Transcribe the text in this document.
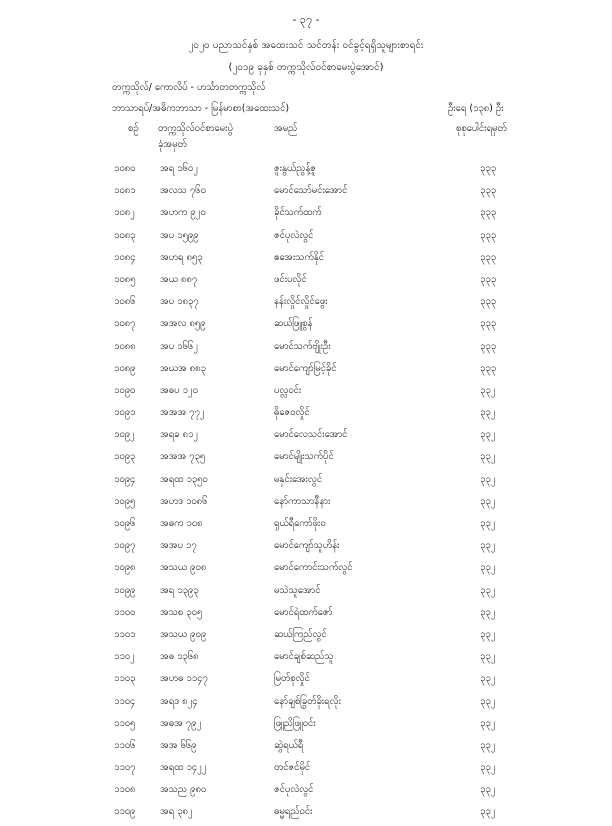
- ၃၇ -
၂၀၂၀ ပညာသင်နှစ် အထေးသင် သင်တန်း ဝင်ခွင့်ရရှိသူများစာရင်း
(၂၀၁၉ ခုနှစ် တက္ကသိုလ်ဝင်စာမေးပွဲအောင်)
တက္ကသိုလ်/ ကောလိပ် - ဟင်္သာတတက္ကသိုလ်
ဘာသာရပ်/အဓိကဘာသာ - မြန်မာစာ(အထေးသင်)	ဦးရေ (၁၃၈) ဦး
စဉ် တက္ကသိုလ်ဝင်စာမေးပွဲ
ခုံအမှတ်
အမည်	စုစုပေါင်းရမှတ်
၁၀၈၀	အရ ၁၆၀၂	ဇူးနွယ်ညွန့်ဇူ	၃၃၃
၁၀၈၁	အလသ ၇၆၀	မောင်သော်မင်းအောင်	၃၃၃
၁၀၈၂	အဟက ၉၂၀	ခိုင်သက်ထက်	၃၃၃
၁၀၈၃	အပ ၁၅၉၉	ဇင်ပုလဲလွင်	၃၃၃
၁၀၈၄	အဟရ ၈၅၃	ဧအေးသက်နိုင်	၃၃၃
၁၀၈၅	အယ ၈၈၇	ဖင်းပလိုင်	၃၃၃
၁၀၈၆	အပ ၁၈၃၇	နန်းလှိုင်လှိုင်ဖွေး	၃၃၃
၁၀၈၇	အအလ ၈၅၉	ဆယ်ဖြူစွန်	၃၃၃
၁၀၈၈	အပ ၁၆၆၂	မောင်သက်ဗျိုးဦး	၃၃၃
၁၀၈၉	အယအ ၈၈၃	မောင်ကျော်မြင့်ခိုင်	၃၃၃
၁၀၉၀	အဓပ ၁၂၀	ပလ္လဝင်း	၃၃၂
၁၀၉၁	အအအ ၇၇၂	ဓိုဇေဝလှိုင်	၃၃၂
၁၀၉၂	အရခ ၈၁၂	မောင်လေသင်းအောင်	၃၃၂
၁၀၉၃	အအအ ၇၃၅	မောင်မျိုးသက်ပိုင်	၃၃၂
၁၀၉၄	အရထ ၁၃၅၀	မနှင်းအေးလွင်	၃၃၂
၁၀၉၅	အဟဒ ၁၀၈၆	နော်ကာသာနီနား	၃၃၂
၁၀၉၆	အဓက ၁၀၈	ရှယ်ရီကော်ဖိုး၀	၃၃၂
၁၀၉၇	အအပ ၁၇	မောင်ကျော်သူဟိန်း	၃၃၂
၁၀၉၈	အသယ ၉၀၈	မောင်ကောင်းသက်လွင်	၃၃၂
၁၀၉၉	အရ ၁၃၉၃	မသဲသူအောင်	၃၃၂
၁၁၀၀	အသစ ၃၀၅	မောင်ရဲထက်ဇော်	၃၃၂
၁၁၀၁	အသယ ၉၀၉	ဆယ်ကြည်လွင်	၃၃၂
၁၁၀၂	အဓ ၁၃၆၈	မောင်ချစ်ဆည်သူ	၃၃၂
၁၁၀၃	အဟဓ ၁၁၄၇	မြတ်စုလှိုင်	၃၃၂
၁၁၀၄	အရဒ ၈၂၄	နော်ချစ်ခြွတ်ခိုးရလိုး	၃၃၂
၁၁၀၅	အဓအ ၇၉၂	ဖြူညိဖြူဝင်း	၃၃၂
၁၁၀၆	အအ ၆၆၉	ဆွဲရယ်ရီ	၃၃၂
၁၁၀၇	အရထ ၁၄၂၂	တင်ဇင်မိုင်	၃၃၂
၁၁၀၈	အသည ၉၈၀	ဇင်ပုလဲလွင်	၃၃၂
၁၁၀၉	အရ ၃၈၂	ဓမ္မရည်ဝင်း	၃၃၂
